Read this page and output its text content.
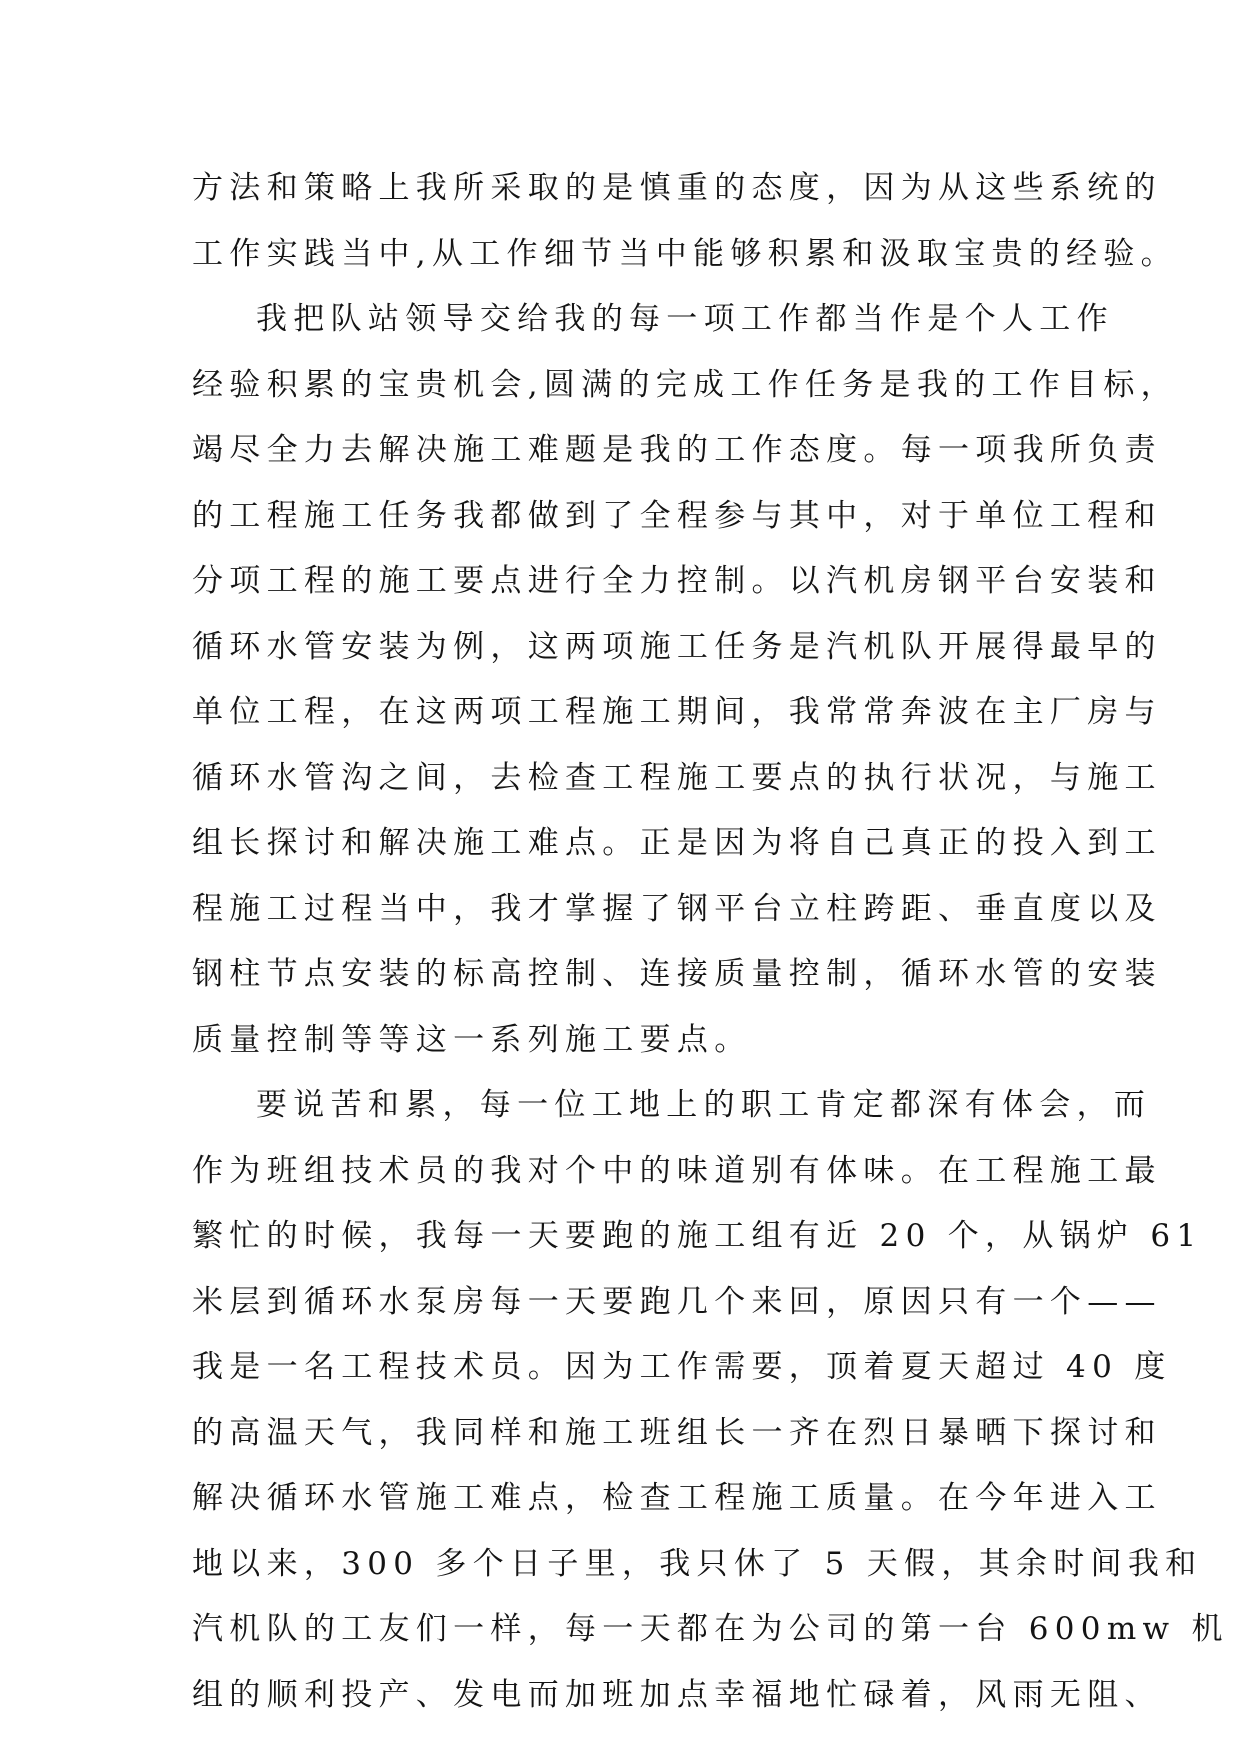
方法和策略上我所采取的是慎重的态度，因为从这些系统的
工作实践当中,从工作细节当中能够积累和汲取宝贵的经验。
我把队站领导交给我的每一项工作都当作是个人工作
经验积累的宝贵机会,圆满的完成工作任务是我的工作目标，
竭尽全力去解决施工难题是我的工作态度。每一项我所负责
的工程施工任务我都做到了全程参与其中，对于单位工程和
分项工程的施工要点进行全力控制。以汽机房钢平台安装和
循环水管安装为例，这两项施工任务是汽机队开展得最早的
单位工程，在这两项工程施工期间，我常常奔波在主厂房与
循环水管沟之间，去检查工程施工要点的执行状况，与施工
组长探讨和解决施工难点。正是因为将自己真正的投入到工
程施工过程当中，我才掌握了钢平台立柱跨距、垂直度以及
钢柱节点安装的标高控制、连接质量控制，循环水管的安装
质量控制等等这一系列施工要点。
要说苦和累，每一位工地上的职工肯定都深有体会，而
作为班组技术员的我对个中的味道别有体味。在工程施工最
繁忙的时候，我每一天要跑的施工组有近 20 个，从锅炉 61
米层到循环水泵房每一天要跑几个来回，原因只有一个——
我是一名工程技术员。因为工作需要，顶着夏天超过 40 度
的高温天气，我同样和施工班组长一齐在烈日暴晒下探讨和
解决循环水管施工难点，检查工程施工质量。在今年进入工
地以来，300 多个日子里，我只休了 5 天假，其余时间我和
汽机队的工友们一样，每一天都在为公司的第一台 600mw 机
组的顺利投产、发电而加班加点幸福地忙碌着，风雨无阻、
